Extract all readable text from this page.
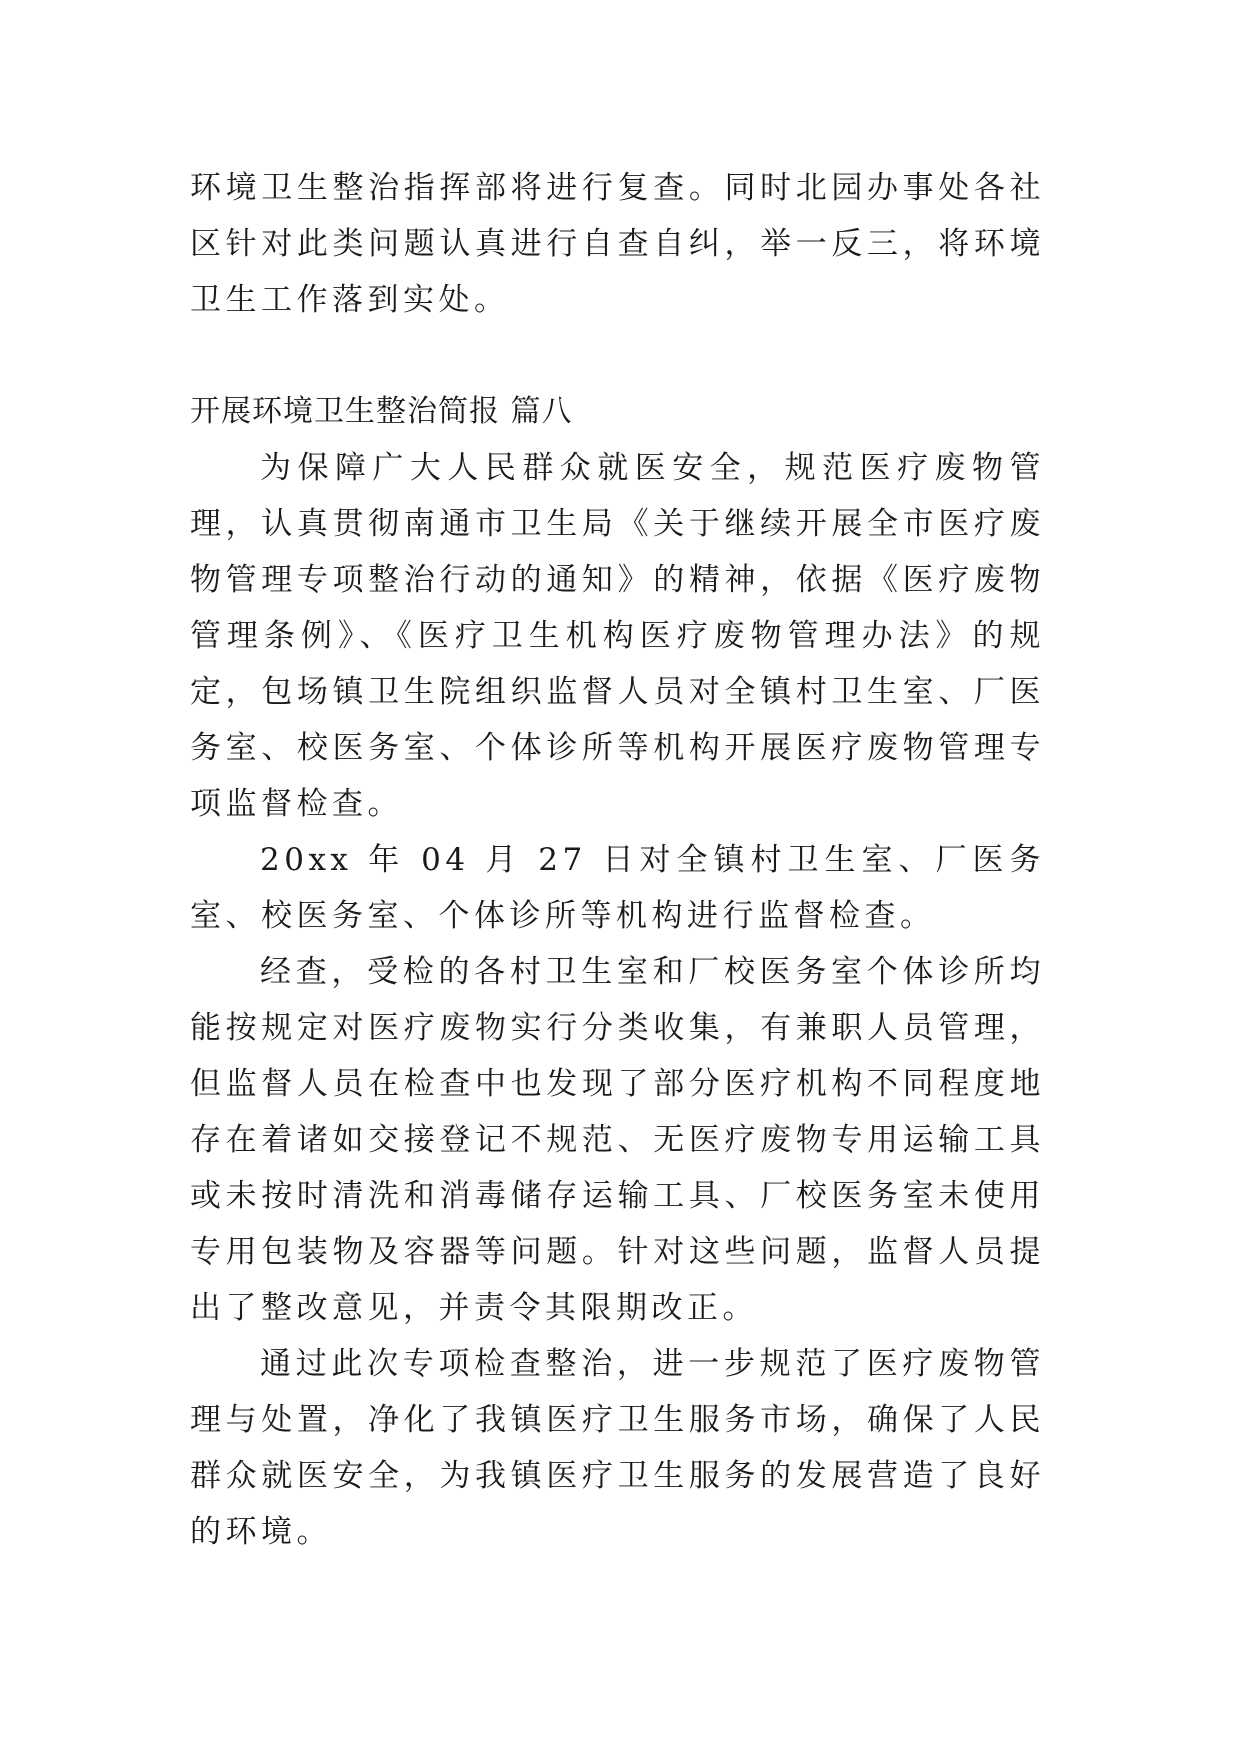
环境卫生整治指挥部将进行复查。同时北园办事处各社区针对此类问题认真进行自查自纠，举一反三，将环境卫生工作落到实处。

开展环境卫生整治简报 篇八

为保障广大人民群众就医安全，规范医疗废物管理，认真贯彻南通市卫生局《关于继续开展全市医疗废物管理专项整治行动的通知》的精神，依据《医疗废物管理条例》、《医疗卫生机构医疗废物管理办法》的规定，包场镇卫生院组织监督人员对全镇村卫生室、厂医务室、校医务室、个体诊所等机构开展医疗废物管理专项监督检查。

20xx 年 04 月 27 日对全镇村卫生室、厂医务室、校医务室、个体诊所等机构进行监督检查。

经查，受检的各村卫生室和厂校医务室个体诊所均能按规定对医疗废物实行分类收集，有兼职人员管理，但监督人员在检查中也发现了部分医疗机构不同程度地存在着诸如交接登记不规范、无医疗废物专用运输工具或未按时清洗和消毒储存运输工具、厂校医务室未使用专用包装物及容器等问题。针对这些问题，监督人员提出了整改意见，并责令其限期改正。

通过此次专项检查整治，进一步规范了医疗废物管理与处置，净化了我镇医疗卫生服务市场，确保了人民群众就医安全，为我镇医疗卫生服务的发展营造了良好的环境。
